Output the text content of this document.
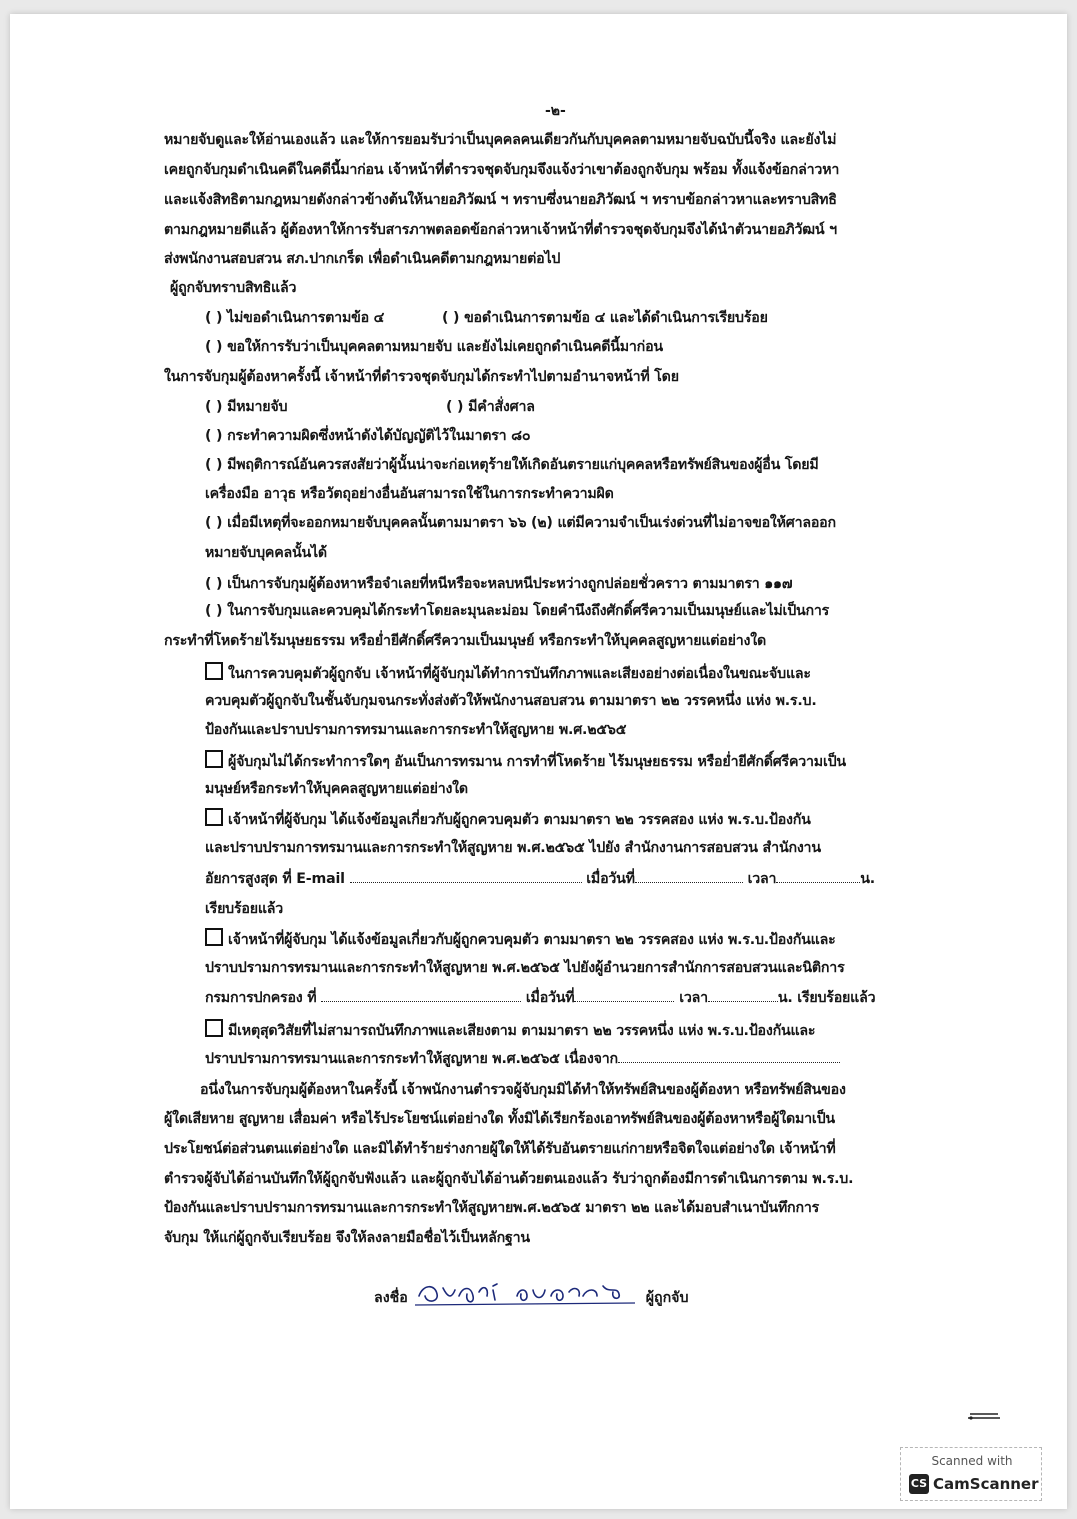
-๒-
หมายจับดูและให้อ่านเองแล้ว และให้การยอมรับว่าเป็นบุคคลคนเดียวกันกับบุคคลตามหมายจับฉบับนี้จริง และยังไม่
เคยถูกจับกุมดำเนินคดีในคดีนี้มาก่อน เจ้าหน้าที่ตำรวจชุดจับกุมจึงแจ้งว่าเขาต้องถูกจับกุม พร้อม ทั้งแจ้งข้อกล่าวหา
และแจ้งสิทธิตามกฎหมายดังกล่าวข้างต้นให้นายอภิวัฒน์ ฯ ทราบซึ่งนายอภิวัฒน์ ฯ ทราบข้อกล่าวหาและทราบสิทธิ
ตามกฎหมายดีแล้ว ผู้ต้องหาให้การรับสารภาพตลอดข้อกล่าวหาเจ้าหน้าที่ตำรวจชุดจับกุมจึงได้นำตัวนายอภิวัฒน์ ฯ
ส่งพนักงานสอบสวน สภ.ปากเกร็ด เพื่อดำเนินคดีตามกฎหมายต่อไป
ผู้ถูกจับทราบสิทธิแล้ว
( ) ไม่ขอดำเนินการตามข้อ ๔	( ) ขอดำเนินการตามข้อ ๔ และได้ดำเนินการเรียบร้อย
( ) ขอให้การรับว่าเป็นบุคคลตามหมายจับ และยังไม่เคยถูกดำเนินคดีนี้มาก่อน
ในการจับกุมผู้ต้องหาครั้งนี้ เจ้าหน้าที่ตำรวจชุดจับกุมได้กระทำไปตามอำนาจหน้าที่ โดย
( ) มีหมายจับ	( ) มีคำสั่งศาล
( ) กระทำความผิดซึ่งหน้าดังได้บัญญัติไว้ในมาตรา ๘๐
( ) มีพฤติการณ์อันควรสงสัยว่าผู้นั้นน่าจะก่อเหตุร้ายให้เกิดอันตรายแก่บุคคลหรือทรัพย์สินของผู้อื่น โดยมี
เครื่องมือ อาวุธ หรือวัตถุอย่างอื่นอันสามารถใช้ในการกระทำความผิด
( ) เมื่อมีเหตุที่จะออกหมายจับบุคคลนั้นตามมาตรา ๖๖ (๒) แต่มีความจำเป็นเร่งด่วนที่ไม่อาจขอให้ศาลออก
หมายจับบุคคลนั้นได้
( ) เป็นการจับกุมผู้ต้องหาหรือจำเลยที่หนีหรือจะหลบหนีประหว่างถูกปล่อยชั่วคราว ตามมาตรา ๑๑๗
( ) ในการจับกุมและควบคุมได้กระทำโดยละมุนละม่อม โดยคำนึงถึงศักดิ์ศรีความเป็นมนุษย์และไม่เป็นการ
กระทำที่โหดร้ายไร้มนุษยธรรม หรือย่ำยีศักดิ์ศรีความเป็นมนุษย์ หรือกระทำให้บุคคลสูญหายแต่อย่างใด
ในการควบคุมตัวผู้ถูกจับ เจ้าหน้าที่ผู้จับกุมได้ทำการบันทึกภาพและเสียงอย่างต่อเนื่องในขณะจับและ
ควบคุมตัวผู้ถูกจับในชั้นจับกุมจนกระทั่งส่งตัวให้พนักงานสอบสวน ตามมาตรา ๒๒ วรรคหนึ่ง แห่ง พ.ร.บ.
ป้องกันและปราบปรามการทรมานและการกระทำให้สูญหาย พ.ศ.๒๕๖๕
ผู้จับกุมไม่ได้กระทำการใดๆ อันเป็นการทรมาน การทำที่โหดร้าย ไร้มนุษยธรรม หรือย่ำยีศักดิ์ศรีความเป็น
มนุษย์หรือกระทำให้บุคคลสูญหายแต่อย่างใด
เจ้าหน้าที่ผู้จับกุม ได้แจ้งข้อมูลเกี่ยวกับผู้ถูกควบคุมตัว ตามมาตรา ๒๒ วรรคสอง แห่ง พ.ร.บ.ป้องกัน
และปราบปรามการทรมานและการกระทำให้สูญหาย พ.ศ.๒๕๖๕ ไปยัง สำนักงานการสอบสวน สำนักงาน
อัยการสูงสุด ที่ E-mail	เมื่อวันที่	เวลา	น.
เรียบร้อยแล้ว
เจ้าหน้าที่ผู้จับกุม ได้แจ้งข้อมูลเกี่ยวกับผู้ถูกควบคุมตัว ตามมาตรา ๒๒ วรรคสอง แห่ง พ.ร.บ.ป้องกันและ
ปราบปรามการทรมานและการกระทำให้สูญหาย พ.ศ.๒๕๖๕ ไปยังผู้อำนวยการสำนักการสอบสวนและนิติการ
กรมการปกครอง ที่	เมื่อวันที่	เวลา	น. เรียบร้อยแล้ว
มีเหตุสุดวิสัยที่ไม่สามารถบันทึกภาพและเสียงตาม ตามมาตรา ๒๒ วรรคหนึ่ง แห่ง พ.ร.บ.ป้องกันและ
ปราบปรามการทรมานและการกระทำให้สูญหาย พ.ศ.๒๕๖๕ เนื่องจาก
อนึ่งในการจับกุมผู้ต้องหาในครั้งนี้ เจ้าพนักงานตำรวจผู้จับกุมมิได้ทำให้ทรัพย์สินของผู้ต้องหา หรือทรัพย์สินของ
ผู้ใดเสียหาย สูญหาย เสื่อมค่า หรือไร้ประโยชน์แต่อย่างใด ทั้งมิได้เรียกร้องเอาทรัพย์สินของผู้ต้องหาหรือผู้ใดมาเป็น
ประโยชน์ต่อส่วนตนแต่อย่างใด และมิได้ทำร้ายร่างกายผู้ใดให้ได้รับอันตรายแก่กายหรือจิตใจแต่อย่างใด เจ้าหน้าที่
ตำรวจผู้จับได้อ่านบันทึกให้ผู้ถูกจับฟังแล้ว และผู้ถูกจับได้อ่านด้วยตนเองแล้ว รับว่าถูกต้องมีการดำเนินการตาม พ.ร.บ.
ป้องกันและปราบปรามการทรมานและการกระทำให้สูญหายพ.ศ.๒๕๖๕ มาตรา ๒๒ และได้มอบสำเนาบันทึกการ
จับกุม ให้แก่ผู้ถูกจับเรียบร้อย จึงให้ลงลายมือชื่อไว้เป็นหลักฐาน
ลงชื่อ	ผู้ถูกจับ
Scanned with
CS CamScanner
